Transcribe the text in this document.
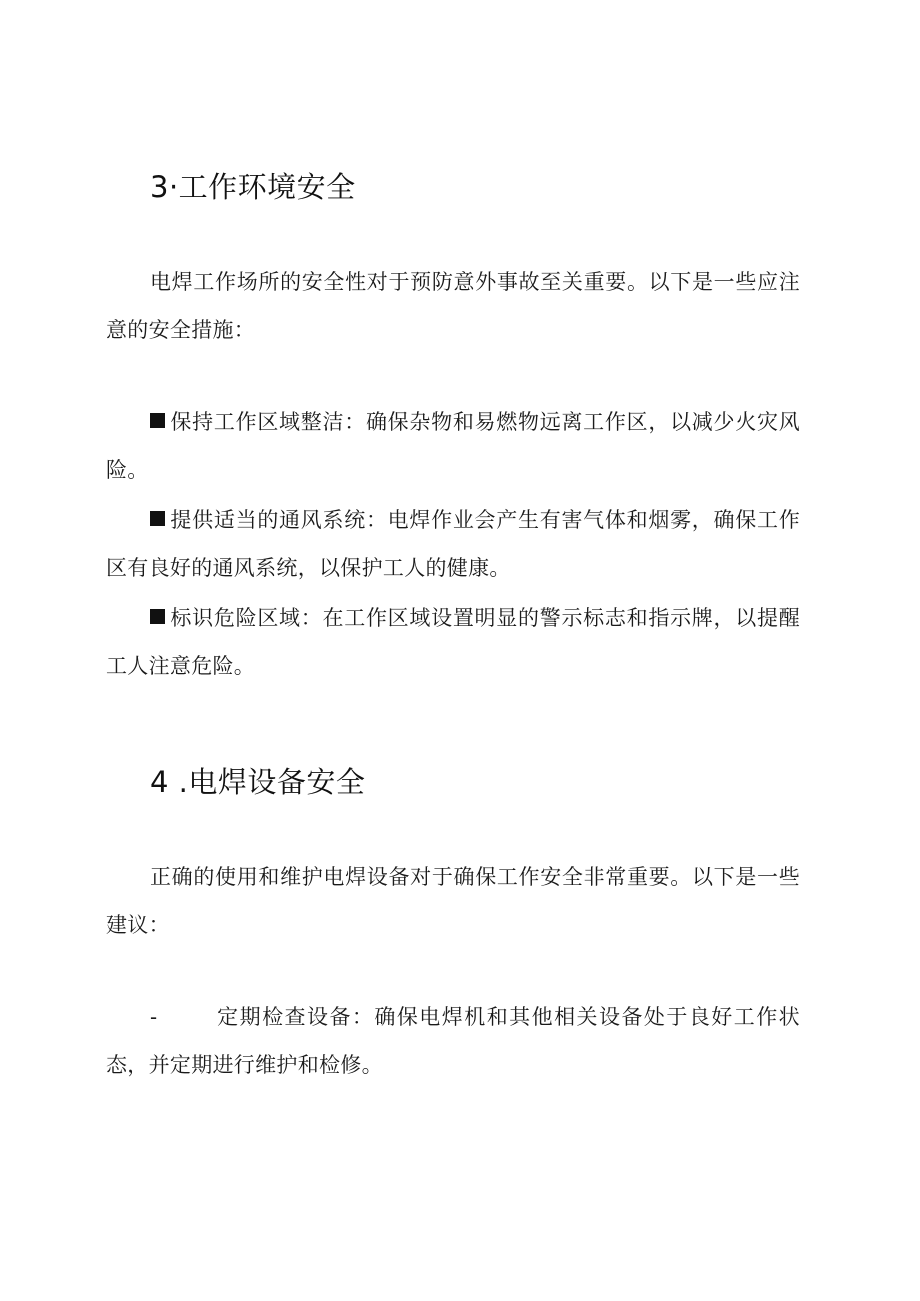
3·工作环境安全

电焊工作场所的安全性对于预防意外事故至关重要。以下是一些应注意的安全措施：

保持工作区域整洁：确保杂物和易燃物远离工作区，以减少火灾风险。

提供适当的通风系统：电焊作业会产生有害气体和烟雾，确保工作区有良好的通风系统，以保护工人的健康。

标识危险区域：在工作区域设置明显的警示标志和指示牌，以提醒工人注意危险。

4 .电焊设备安全

正确的使用和维护电焊设备对于确保工作安全非常重要。以下是一些建议：

-	定期检查设备：确保电焊机和其他相关设备处于良好工作状态，并定期进行维护和检修。
